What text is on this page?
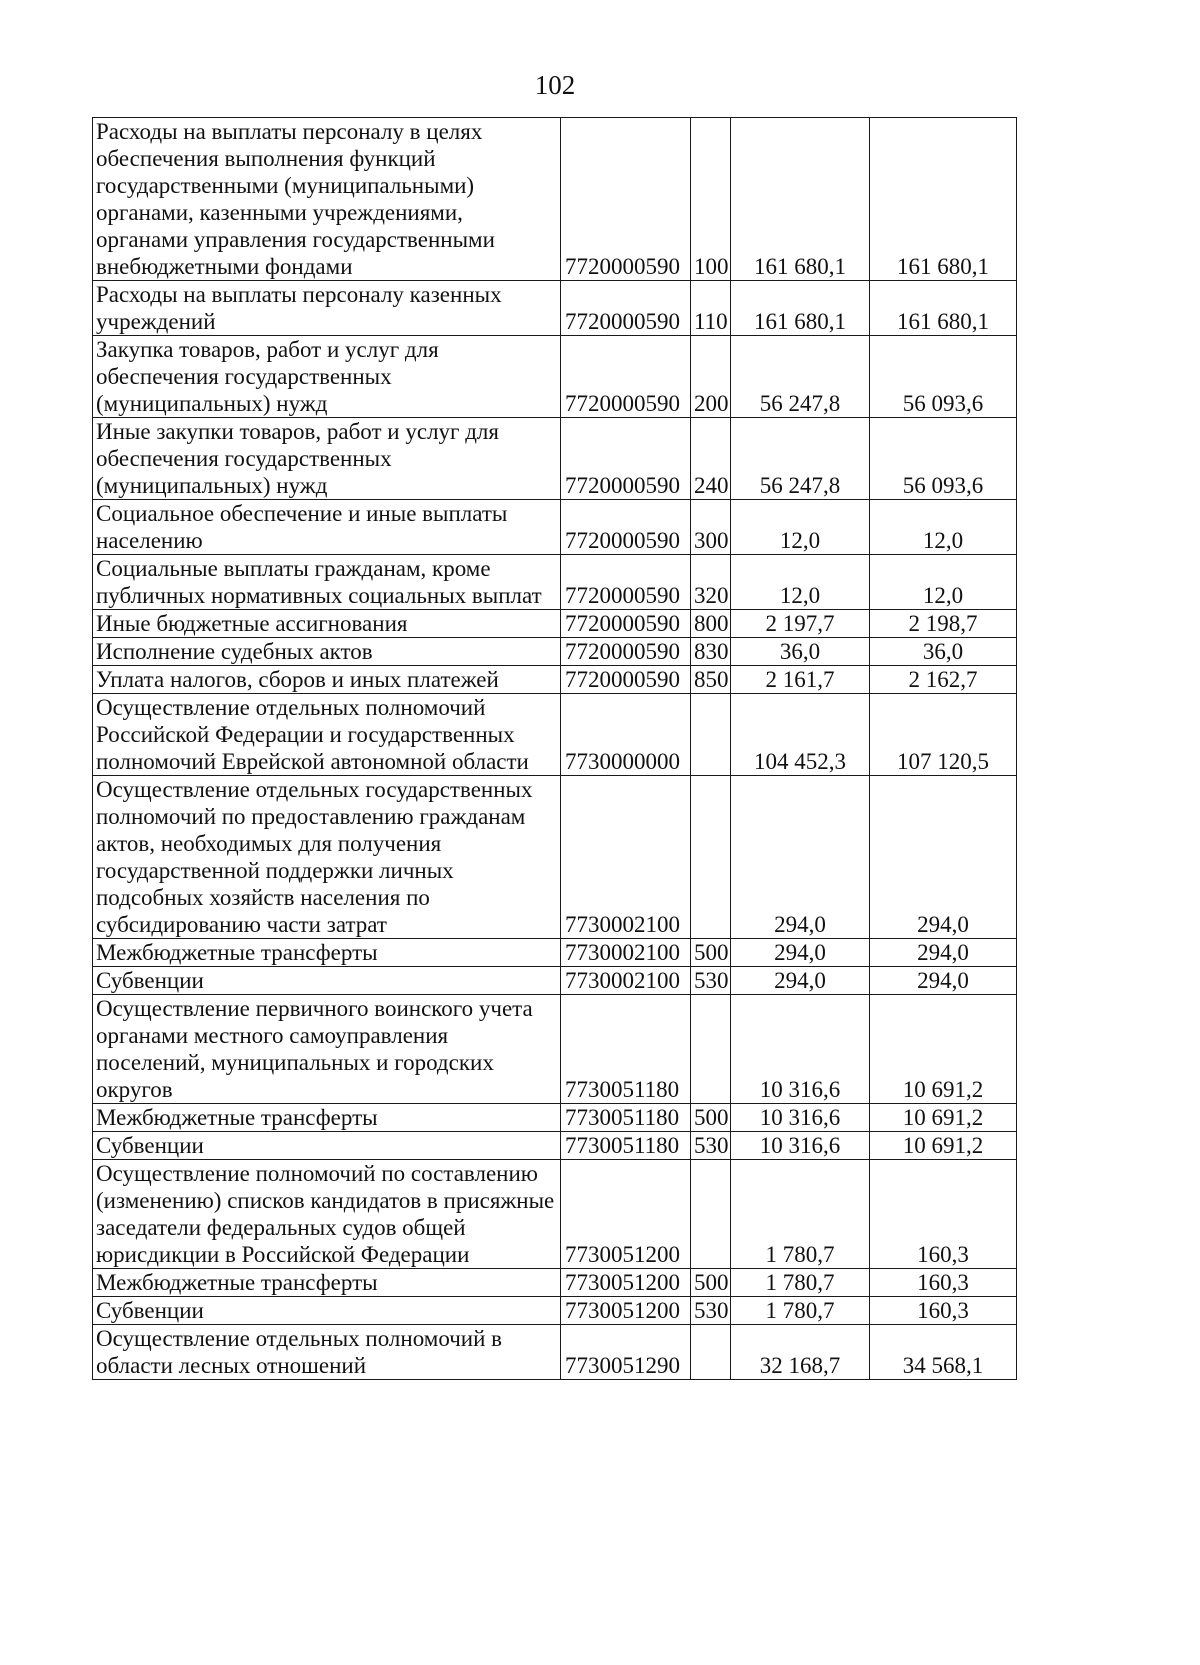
102
Расходы на выплаты персоналу в целях обеспечения выполнения функций государственными (муниципальными) органами, казенными учреждениями, органами управления государственными внебюджетными фондами	7720000590	100	161 680,1	161 680,1
Расходы на выплаты персоналу казенных учреждений	7720000590	110	161 680,1	161 680,1
Закупка товаров, работ и услуг для обеспечения государственных (муниципальных) нужд	7720000590	200	56 247,8	56 093,6
Иные закупки товаров, работ и услуг для обеспечения государственных (муниципальных) нужд	7720000590	240	56 247,8	56 093,6
Социальное обеспечение и иные выплаты населению	7720000590	300	12,0	12,0
Социальные выплаты гражданам, кроме публичных нормативных социальных выплат	7720000590	320	12,0	12,0
Иные бюджетные ассигнования	7720000590	800	2 197,7	2 198,7
Исполнение судебных актов	7720000590	830	36,0	36,0
Уплата налогов, сборов и иных платежей	7720000590	850	2 161,7	2 162,7
Осуществление отдельных полномочий Российской Федерации и государственных полномочий Еврейской автономной области	7730000000		104 452,3	107 120,5
Осуществление отдельных государственных полномочий по предоставлению гражданам актов, необходимых для получения государственной поддержки личных подсобных хозяйств населения по субсидированию части затрат	7730002100		294,0	294,0
Межбюджетные трансферты	7730002100	500	294,0	294,0
Субвенции	7730002100	530	294,0	294,0
Осуществление первичного воинского учета органами местного самоуправления поселений, муниципальных и городских округов	7730051180		10 316,6	10 691,2
Межбюджетные трансферты	7730051180	500	10 316,6	10 691,2
Субвенции	7730051180	530	10 316,6	10 691,2
Осуществление полномочий по составлению (изменению) списков кандидатов в присяжные заседатели федеральных судов общей юрисдикции в Российской Федерации	7730051200		1 780,7	160,3
Межбюджетные трансферты	7730051200	500	1 780,7	160,3
Субвенции	7730051200	530	1 780,7	160,3
Осуществление отдельных полномочий в области лесных отношений	7730051290		32 168,7	34 568,1
